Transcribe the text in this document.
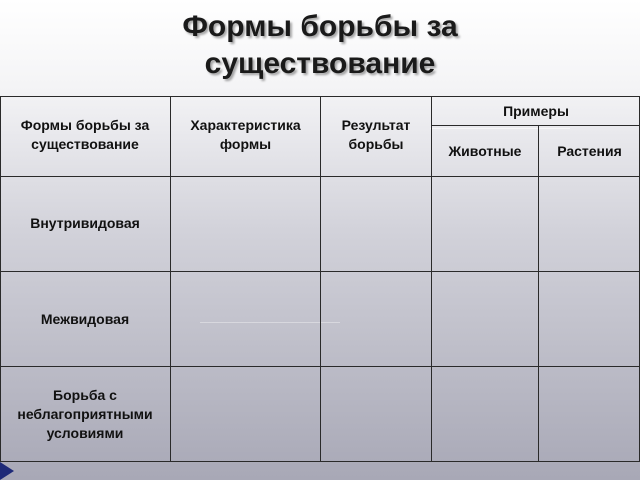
Формы борьбы за
существование
Формы борьбы за существование
Характеристика формы
Результат борьбы
Примеры
Животные	Растения
Внутривидовая
Межвидовая
Борьба с неблагоприятными условиями
